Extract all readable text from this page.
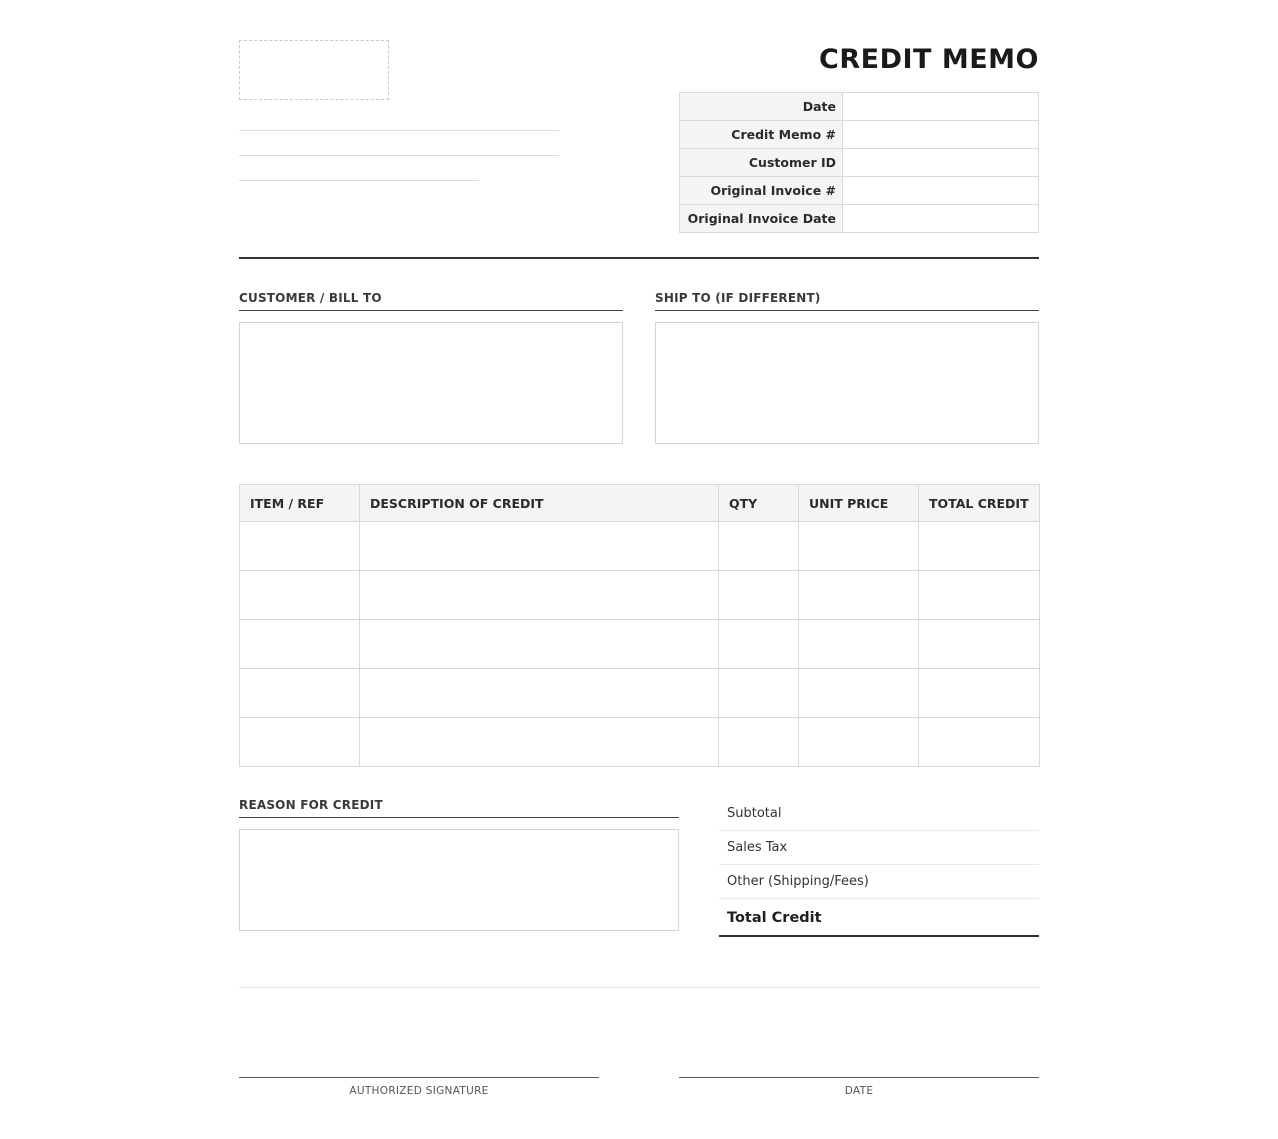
CREDIT MEMO
Date	
Credit Memo #	
Customer ID	
Original Invoice #	
Original Invoice Date	
CUSTOMER / BILL TO	SHIP TO (IF DIFFERENT)
ITEM / REF	DESCRIPTION OF CREDIT	QTY	UNIT PRICE	TOTAL CREDIT

REASON FOR CREDIT
Subtotal
Sales Tax
Other (Shipping/Fees)
Total Credit
AUTHORIZED SIGNATURE	DATE
